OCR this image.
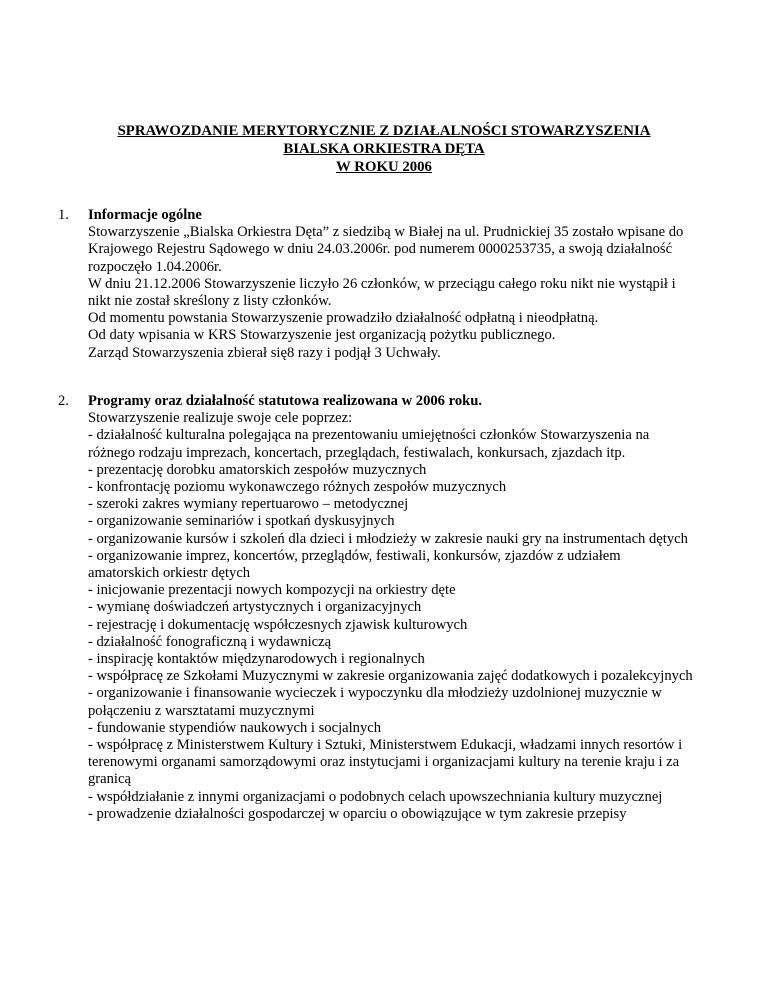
SPRAWOZDANIE MERYTORYCZNIE Z DZIAŁALNOŚCI STOWARZYSZENIA
BIALSKA ORKIESTRA DĘTA
W ROKU 2006
1.	Informacje ogólne
Stowarzyszenie „Bialska Orkiestra Dęta” z siedzibą w Białej na ul. Prudnickiej 35 zostało wpisane do
Krajowego Rejestru Sądowego w dniu 24.03.2006r. pod numerem 0000253735, a swoją działalność
rozpoczęło 1.04.2006r.
W dniu 21.12.2006 Stowarzyszenie liczyło 26 członków, w przeciągu całego roku nikt nie wystąpił i
nikt nie został skreślony z listy członków.
Od momentu powstania Stowarzyszenie prowadziło działalność odpłatną i nieodpłatną.
Od daty wpisania w KRS Stowarzyszenie jest organizacją pożytku publicznego.
Zarząd Stowarzyszenia zbierał się8 razy i podjął 3 Uchwały.
2.	Programy oraz działalność statutowa realizowana w 2006 roku.
Stowarzyszenie realizuje swoje cele poprzez:
- działalność kulturalna polegająca na prezentowaniu umiejętności członków Stowarzyszenia na
różnego rodzaju imprezach, koncertach, przeglądach, festiwalach, konkursach, zjazdach itp.
- prezentację dorobku amatorskich zespołów muzycznych
- konfrontację poziomu wykonawczego różnych zespołów muzycznych
- szeroki zakres wymiany repertuarowo – metodycznej
- organizowanie seminariów i spotkań dyskusyjnych
- organizowanie kursów i szkoleń dla dzieci i młodzieży w zakresie nauki gry na instrumentach dętych
- organizowanie imprez, koncertów, przeglądów, festiwali, konkursów, zjazdów z udziałem
amatorskich orkiestr dętych
- inicjowanie prezentacji nowych kompozycji na orkiestry dęte
- wymianę doświadczeń artystycznych i organizacyjnych
- rejestrację i dokumentację współczesnych zjawisk kulturowych
- działalność fonograficzną i wydawniczą
- inspirację kontaktów międzynarodowych i regionalnych
- współpracę ze Szkołami Muzycznymi w zakresie organizowania zajęć dodatkowych i pozalekcyjnych
- organizowanie i finansowanie wycieczek i wypoczynku dla młodzieży uzdolnionej muzycznie w
połączeniu z warsztatami muzycznymi
- fundowanie stypendiów naukowych i socjalnych
- współpracę z Ministerstwem Kultury i Sztuki, Ministerstwem Edukacji, władzami innych resortów i
terenowymi organami samorządowymi oraz instytucjami i organizacjami kultury na terenie kraju i za
granicą
- współdziałanie z innymi organizacjami o podobnych celach upowszechniania kultury muzycznej
- prowadzenie działalności gospodarczej w oparciu o obowiązujące w tym zakresie przepisy
